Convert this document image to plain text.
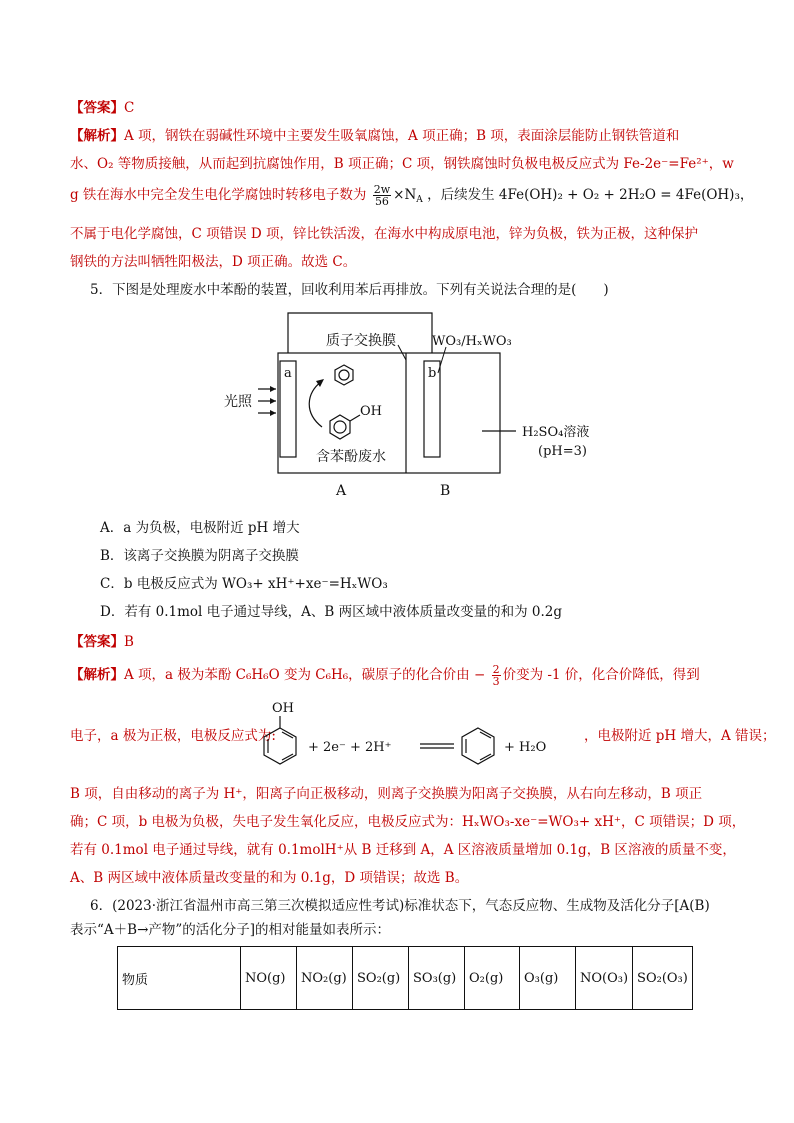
【答案】C
【解析】A 项，钢铁在弱碱性环境中主要发生吸氧腐蚀，A 项正确；B 项，表面涂层能防止钢铁管道和
水、O₂ 等物质接触，从而起到抗腐蚀作用，B 项正确；C 项，钢铁腐蚀时负极电极反应式为 Fe-2e⁻=Fe²⁺，w
g 铁在海水中完全发生电化学腐蚀时转移电子数为 $\frac{2w}{56} \times N_A$ ，后续发生 4Fe(OH)₂ + O₂ + 2H₂O = 4Fe(OH)₃，
不属于电化学腐蚀，C 项错误 D 项，锌比铁活泼，在海水中构成原电池，锌为负极，铁为正极，这种保护
钢铁的方法叫牺牲阳极法，D 项正确。故选 C。
5．下图是处理废水中苯酚的装置，回收利用苯后再排放。下列有关说法合理的是(　　)
质子交换膜	WO₃/HₓWO₃
光照
a	b
OH
含苯酚废水
H₂SO₄溶液
(pH=3)
A	B
A．a 为负极，电极附近 pH 增大
B．该离子交换膜为阴离子交换膜
C．b 电极反应式为 WO₃+ xH⁺+xe⁻=HₓWO₃
D．若有 0.1mol 电子通过导线，A、B 两区域中液体质量改变量的和为 0.2g
【答案】B
【解析】A 项，a 极为苯酚 C₆H₆O 变为 C₆H₆，碳原子的化合价由 − $\frac{2}{3}$ 价变为 -1 价，化合价降低，得到
电子，a 极为正极，电极反应式为:
OH
+ 2e⁻ + 2H⁺	+ H₂O
，电极附近 pH 增大，A 错误；
B 项，自由移动的离子为 H⁺，阳离子向正极移动，则离子交换膜为阳离子交换膜，从右向左移动，B 项正
确；C 项，b 电极为负极，失电子发生氧化反应，电极反应式为：HₓWO₃-xe⁻=WO₃+ xH⁺，C 项错误；D 项，
若有 0.1mol 电子通过导线，就有 0.1molH⁺从 B 迁移到 A，A 区溶液质量增加 0.1g，B 区溶液的质量不变，
A、B 两区域中液体质量改变量的和为 0.1g，D 项错误；故选 B。
6．(2023·浙江省温州市高三第三次模拟适应性考试)标准状态下，气态反应物、生成物及活化分子[A(B)
表示“A＋B→产物”的活化分子]的相对能量如表所示：
物质	NO(g)	NO₂(g)	SO₂(g)	SO₃(g)	O₂(g)	O₃(g)	NO(O₃)	SO₂(O₃)
